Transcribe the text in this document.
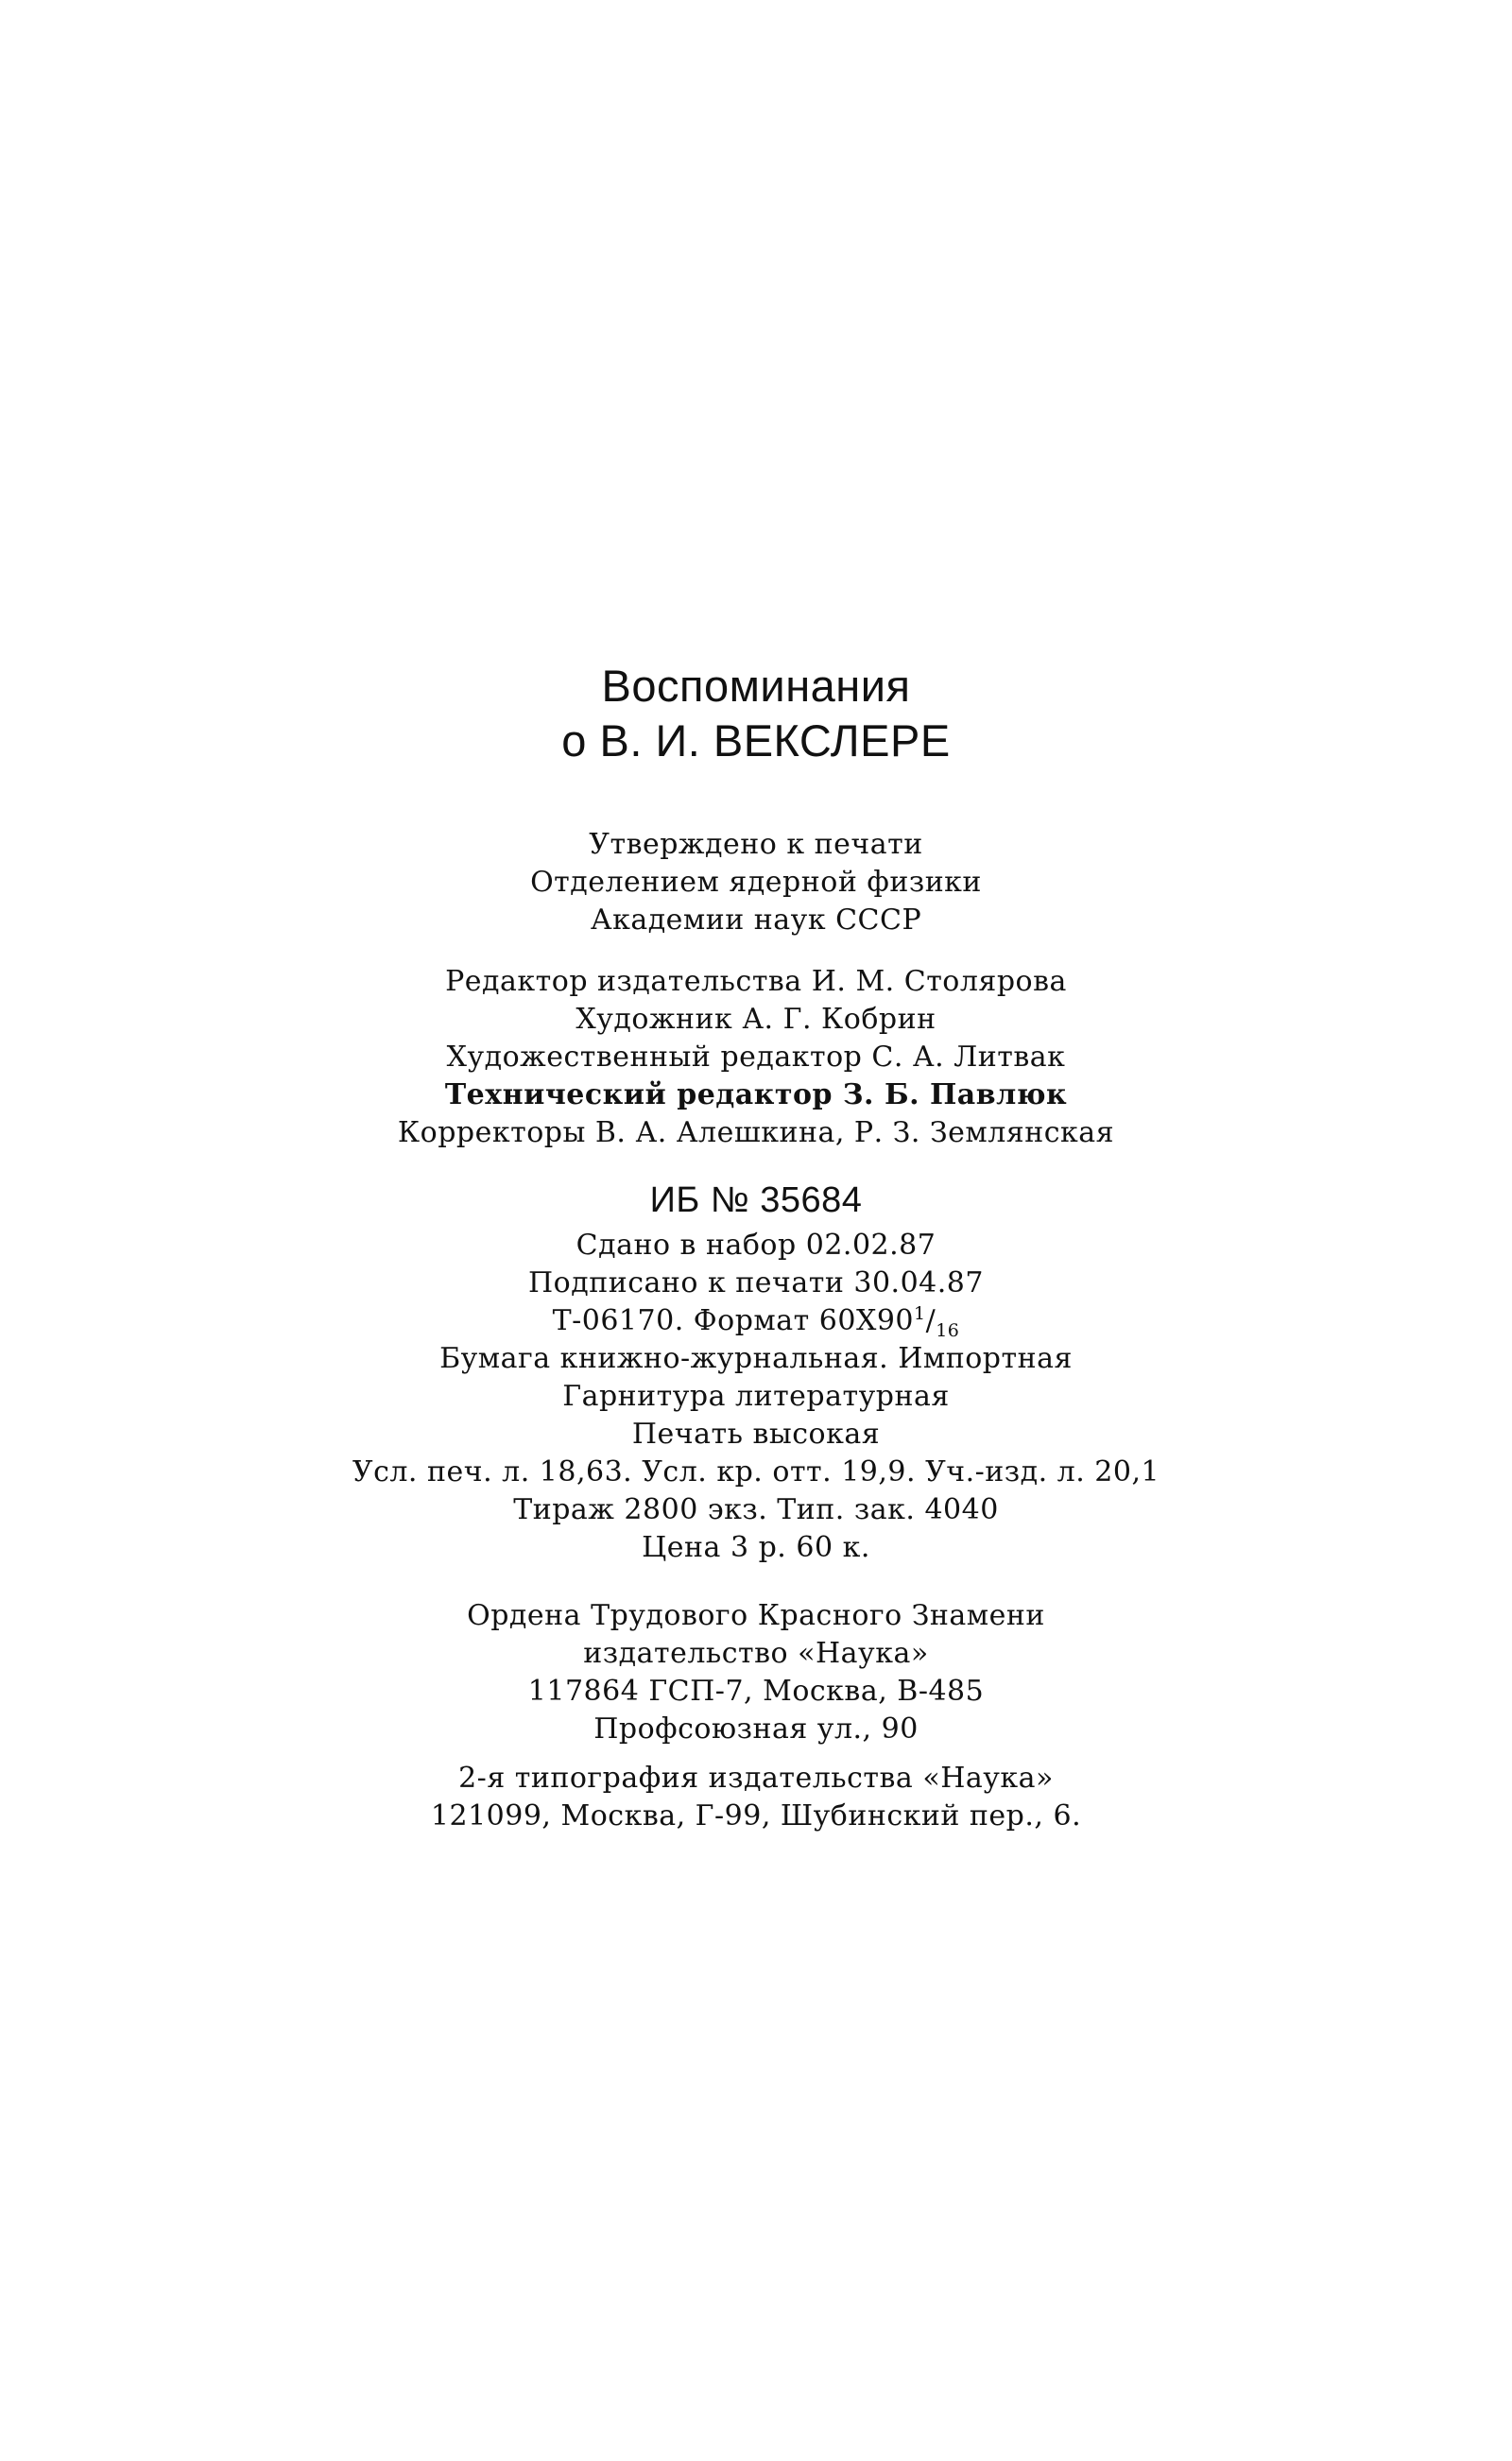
Воспоминания
о В. И. ВЕКСЛЕРЕ
Утверждено к печати
Отделением ядерной физики
Академии наук СССР
Редактор издательства И. М. Столярова
Художник А. Г. Кобрин
Художественный редактор С. А. Литвак
Технический редактор З. Б. Павлюк
Корректоры В. А. Алешкина, Р. З. Землянская
ИБ № 35684
Сдано в набор 02.02.87
Подписано к печати 30.04.87
Т-06170. Формат $60Х90^1/_{16}$
Бумага книжно-журнальная. Импортная
Гарнитура литературная
Печать высокая
Усл. печ. л. 18,63. Усл. кр. отт. 19,9. Уч.-изд. л. 20,1
Тираж 2800 экз. Тип. зак. 4040
Цена 3 р. 60 к.
Ордена Трудового Красного Знамени
издательство «Наука»
117864 ГСП-7, Москва, В-485
Профсоюзная ул., 90
2-я типография издательства «Наука»
121099, Москва, Г-99, Шубинский пер., 6.
